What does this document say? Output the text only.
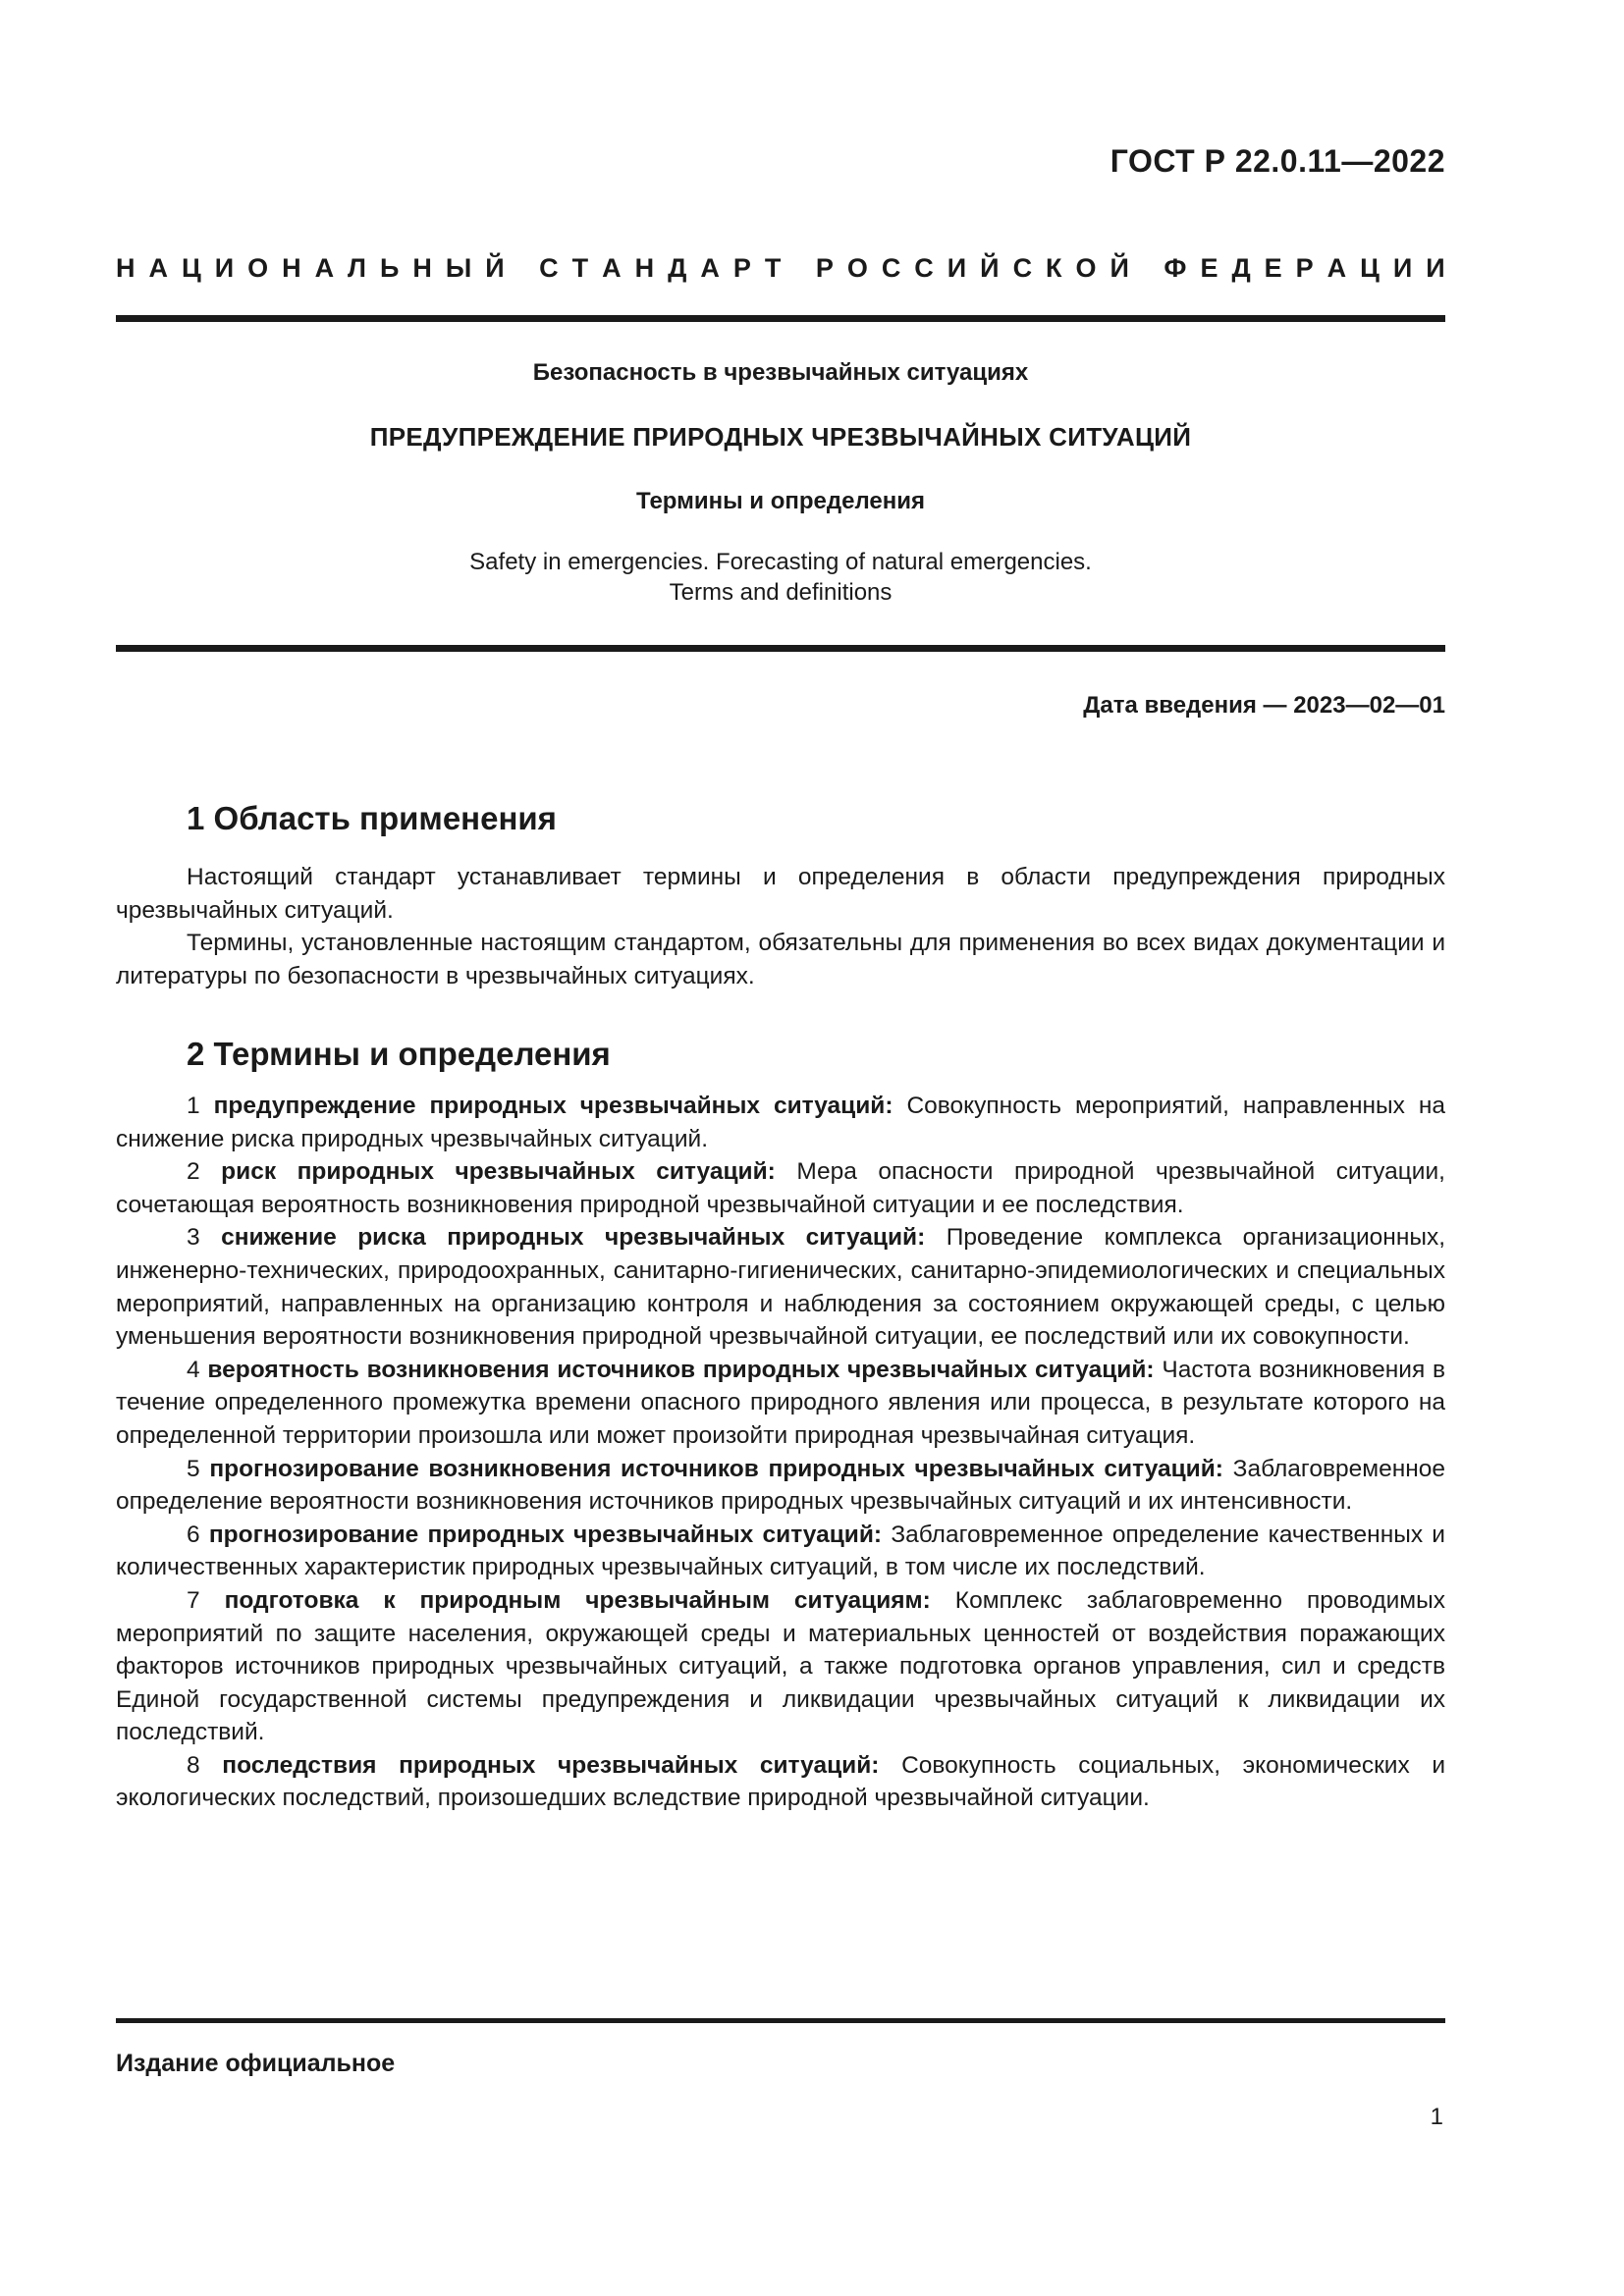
ГОСТ Р 22.0.11—2022
Н А Ц И О Н А Л Ь Н Ы Й
С Т А Н Д А Р Т
Р О С С И Й С К О Й
Ф Е Д Е Р А Ц И И
Безопасность в чрезвычайных ситуациях
ПРЕДУПРЕЖДЕНИЕ ПРИРОДНЫХ ЧРЕЗВЫЧАЙНЫХ СИТУАЦИЙ
Термины и определения
Safety in emergencies. Forecasting of natural emergencies.
Terms and definitions
Дата введения — 2023—02—01
1 Область применения

Настоящий стандарт устанавливает термины и определения в области предупреждения природных чрезвычайных ситуаций.

Термины, установленные настоящим стандартом, обязательны для применения во всех видах документации и литературы по безопасности в чрезвычайных ситуациях.

2 Термины и определения

1 предупреждение природных чрезвычайных ситуаций: Совокупность мероприятий, направленных на снижение риска природных чрезвычайных ситуаций.

2 риск природных чрезвычайных ситуаций: Мера опасности природной чрезвычайной ситуации, сочетающая вероятность возникновения природной чрезвычайной ситуации и ее последствия.

3 снижение риска природных чрезвычайных ситуаций: Проведение комплекса организационных, инженерно-технических, природоохранных, санитарно-гигиенических, санитарно-эпидемиологических и специальных мероприятий, направленных на организацию контроля и наблюдения за состоянием окружающей среды, с целью уменьшения вероятности возникновения природной чрезвычайной ситуации, ее последствий или их совокупности.

4 вероятность возникновения источников природных чрезвычайных ситуаций: Частота возникновения в течение определенного промежутка времени опасного природного явления или процесса, в результате которого на определенной территории произошла или может произойти природная чрезвычайная ситуация.

5 прогнозирование возникновения источников природных чрезвычайных ситуаций: Заблаговременное определение вероятности возникновения источников природных чрезвычайных ситуаций и их интенсивности.

6 прогнозирование природных чрезвычайных ситуаций: Заблаговременное определение качественных и количественных характеристик природных чрезвычайных ситуаций, в том числе их последствий.

7 подготовка к природным чрезвычайным ситуациям: Комплекс заблаговременно проводимых мероприятий по защите населения, окружающей среды и материальных ценностей от воздействия поражающих факторов источников природных чрезвычайных ситуаций, а также подготовка органов управления, сил и средств Единой государственной системы предупреждения и ликвидации чрезвычайных ситуаций к ликвидации их последствий.

8 последствия природных чрезвычайных ситуаций: Совокупность социальных, экономических и экологических последствий, произошедших вследствие природной чрезвычайной ситуации.

Издание официальное
1
